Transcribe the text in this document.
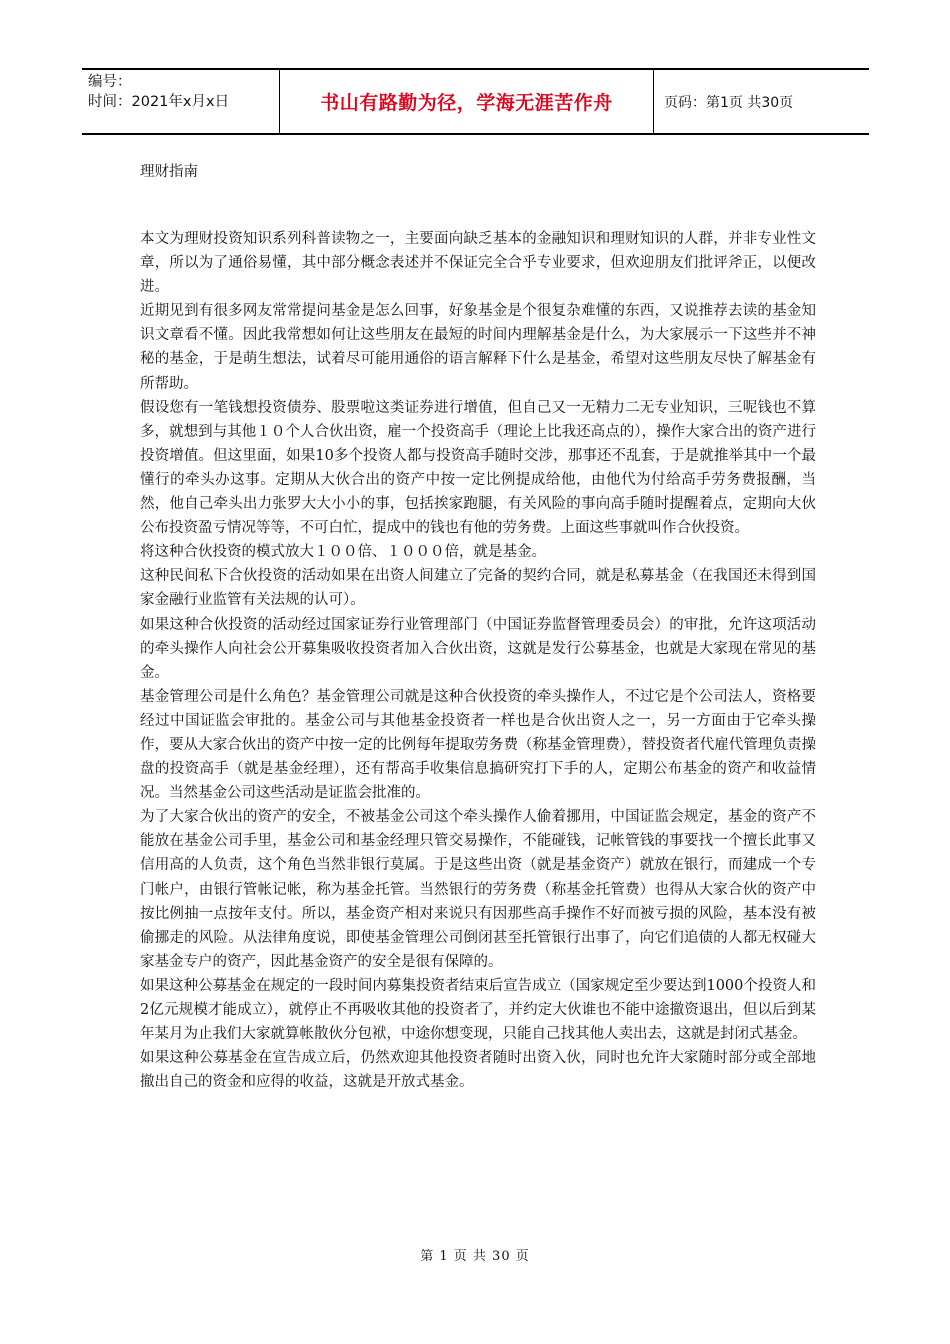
编号：
时间：2021年x月x日	书山有路勤为径，学海无涯苦作舟	页码：第1页 共30页
理财指南

本文为理财投资知识系列科普读物之一，主要面向缺乏基本的金融知识和理财知识的人群，并非专业性文章，所以为了通俗易懂，其中部分概念表述并不保证完全合乎专业要求，但欢迎朋友们批评斧正，以便改进。

近期见到有很多网友常常提问基金是怎么回事，好象基金是个很复杂难懂的东西，又说推荐去读的基金知识文章看不懂。因此我常想如何让这些朋友在最短的时间内理解基金是什么，为大家展示一下这些并不神秘的基金，于是萌生想法，试着尽可能用通俗的语言解释下什么是基金，希望对这些朋友尽快了解基金有所帮助。

假设您有一笔钱想投资债券、股票啦这类证券进行增值，但自己又一无精力二无专业知识，三呢钱也不算多，就想到与其他１０个人合伙出资，雇一个投资高手（理论上比我还高点的），操作大家合出的资产进行投资增值。但这里面，如果10多个投资人都与投资高手随时交涉，那事还不乱套，于是就推举其中一个最懂行的牵头办这事。定期从大伙合出的资产中按一定比例提成给他，由他代为付给高手劳务费报酬，当然，他自己牵头出力张罗大大小小的事，包括挨家跑腿，有关风险的事向高手随时提醒着点，定期向大伙公布投资盈亏情况等等，不可白忙，提成中的钱也有他的劳务费。上面这些事就叫作合伙投资。

将这种合伙投资的模式放大１００倍、１０００倍，就是基金。

这种民间私下合伙投资的活动如果在出资人间建立了完备的契约合同，就是私募基金（在我国还未得到国家金融行业监管有关法规的认可）。

如果这种合伙投资的活动经过国家证券行业管理部门（中国证券监督管理委员会）的审批，允许这项活动的牵头操作人向社会公开募集吸收投资者加入合伙出资，这就是发行公募基金，也就是大家现在常见的基金。

基金管理公司是什么角色？基金管理公司就是这种合伙投资的牵头操作人，不过它是个公司法人，资格要经过中国证监会审批的。基金公司与其他基金投资者一样也是合伙出资人之一，另一方面由于它牵头操作，要从大家合伙出的资产中按一定的比例每年提取劳务费（称基金管理费），替投资者代雇代管理负责操盘的投资高手（就是基金经理），还有帮高手收集信息搞研究打下手的人，定期公布基金的资产和收益情况。当然基金公司这些活动是证监会批准的。

为了大家合伙出的资产的安全，不被基金公司这个牵头操作人偷着挪用，中国证监会规定，基金的资产不能放在基金公司手里，基金公司和基金经理只管交易操作，不能碰钱，记帐管钱的事要找一个擅长此事又信用高的人负责，这个角色当然非银行莫属。于是这些出资（就是基金资产）就放在银行，而建成一个专门帐户，由银行管帐记帐，称为基金托管。当然银行的劳务费（称基金托管费）也得从大家合伙的资产中按比例抽一点按年支付。所以，基金资产相对来说只有因那些高手操作不好而被亏损的风险，基本没有被偷挪走的风险。从法律角度说，即使基金管理公司倒闭甚至托管银行出事了，向它们追债的人都无权碰大家基金专户的资产，因此基金资产的安全是很有保障的。

如果这种公募基金在规定的一段时间内募集投资者结束后宣告成立（国家规定至少要达到1000个投资人和2亿元规模才能成立），就停止不再吸收其他的投资者了，并约定大伙谁也不能中途撤资退出，但以后到某年某月为止我们大家就算帐散伙分包袱，中途你想变现，只能自己找其他人卖出去，这就是封闭式基金。

如果这种公募基金在宣告成立后，仍然欢迎其他投资者随时出资入伙，同时也允许大家随时部分或全部地撤出自己的资金和应得的收益，这就是开放式基金。

第 1 页 共 30 页
